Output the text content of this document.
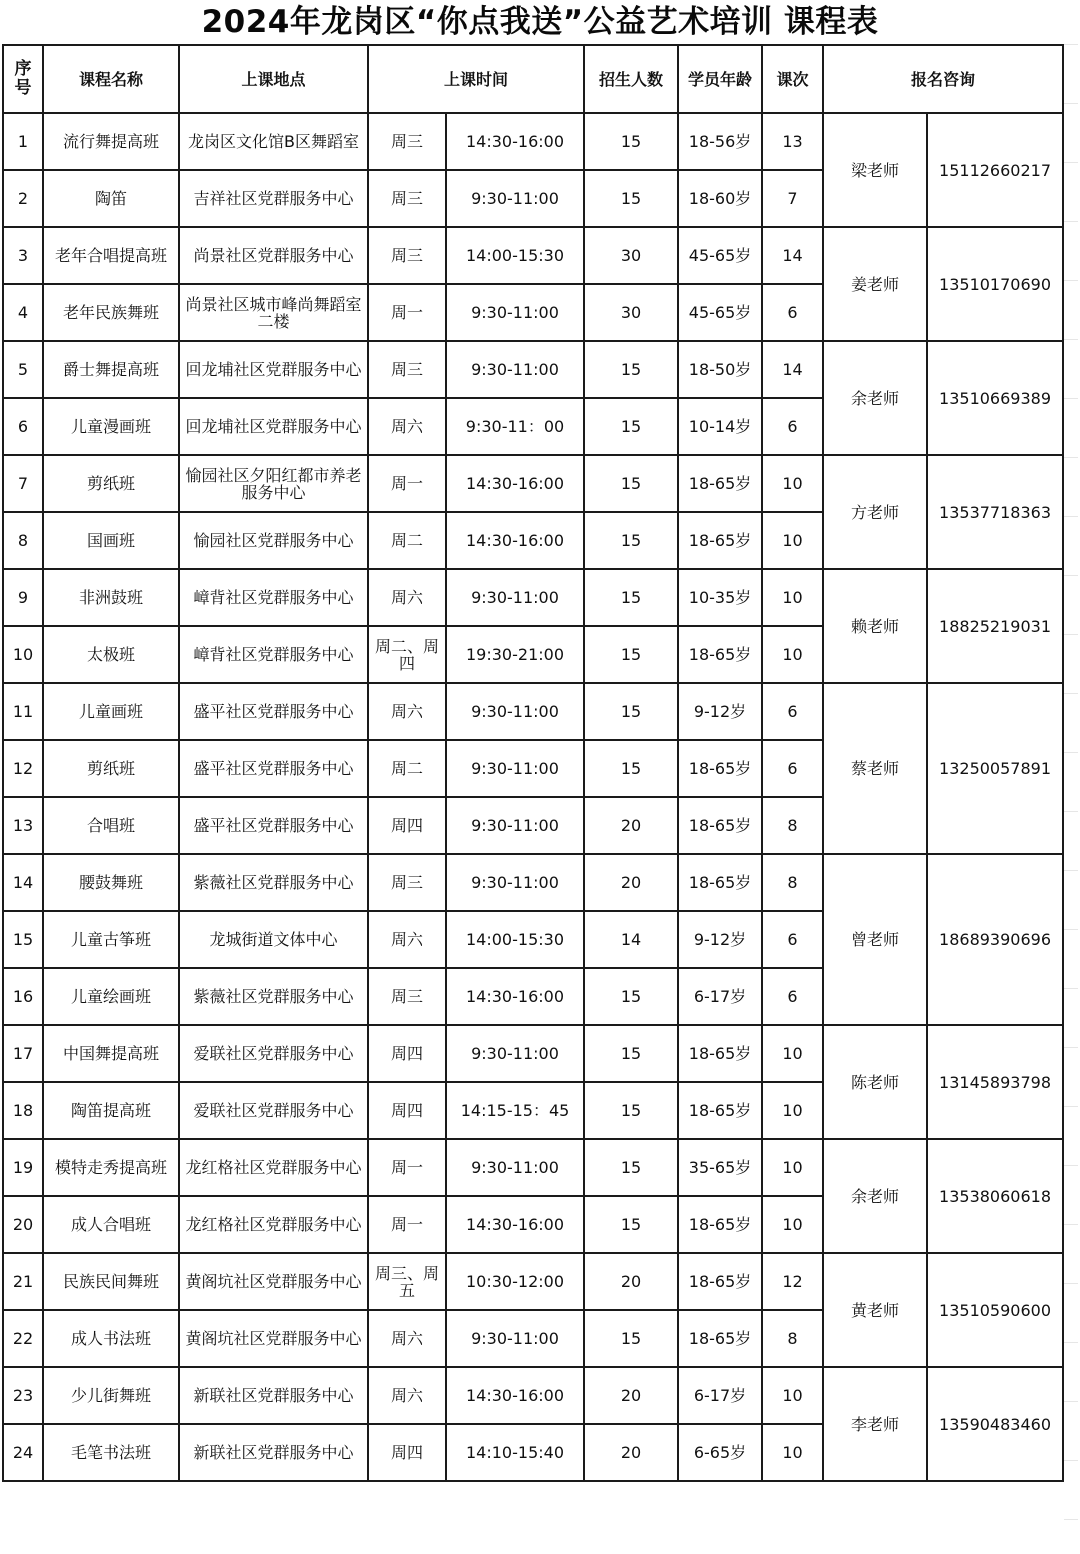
2024年龙岗区“你点我送”公益艺术培训 课程表
序号	课程名称	上课地点	上课时间		招生人数	学员年龄	课次	报名咨询	
1	流行舞提高班	龙岗区文化馆B区舞蹈室	周三	14:30-16:00	15	18-56岁	13	梁老师	15112660217
2	陶笛	吉祥社区党群服务中心	周三	9:30-11:00	15	18-60岁	7		
3	老年合唱提高班	尚景社区党群服务中心	周三	14:00-15:30	30	45-65岁	14	姜老师	13510170690
4	老年民族舞班	尚景社区城市峰尚舞蹈室二楼	周一	9:30-11:00	30	45-65岁	6		
5	爵士舞提高班	回龙埔社区党群服务中心	周三	9:30-11:00	15	18-50岁	14	余老师	13510669389
6	儿童漫画班	回龙埔社区党群服务中心	周六	9:30-11：00	15	10-14岁	6		
7	剪纸班	愉园社区夕阳红都市养老服务中心	周一	14:30-16:00	15	18-65岁	10	方老师	13537718363
8	国画班	愉园社区党群服务中心	周二	14:30-16:00	15	18-65岁	10		
9	非洲鼓班	嶂背社区党群服务中心	周六	9:30-11:00	15	10-35岁	10	赖老师	18825219031
10	太极班	嶂背社区党群服务中心	周二、周四	19:30-21:00	15	18-65岁	10		
11	儿童画班	盛平社区党群服务中心	周六	9:30-11:00	15	9-12岁	6	蔡老师	13250057891
12	剪纸班	盛平社区党群服务中心	周二	9:30-11:00	15	18-65岁	6		
13	合唱班	盛平社区党群服务中心	周四	9:30-11:00	20	18-65岁	8		
14	腰鼓舞班	紫薇社区党群服务中心	周三	9:30-11:00	20	18-65岁	8	曾老师	18689390696
15	儿童古筝班	龙城街道文体中心	周六	14:00-15:30	14	9-12岁	6		
16	儿童绘画班	紫薇社区党群服务中心	周三	14:30-16:00	15	6-17岁	6		
17	中国舞提高班	爱联社区党群服务中心	周四	9:30-11:00	15	18-65岁	10	陈老师	13145893798
18	陶笛提高班	爱联社区党群服务中心	周四	14:15-15：45	15	18-65岁	10		
19	模特走秀提高班	龙红格社区党群服务中心	周一	9:30-11:00	15	35-65岁	10	余老师	13538060618
20	成人合唱班	龙红格社区党群服务中心	周一	14:30-16:00	15	18-65岁	10		
21	民族民间舞班	黄阁坑社区党群服务中心	周三、周五	10:30-12:00	20	18-65岁	12	黄老师	13510590600
22	成人书法班	黄阁坑社区党群服务中心	周六	9:30-11:00	15	18-65岁	8		
23	少儿街舞班	新联社区党群服务中心	周六	14:30-16:00	20	6-17岁	10	李老师	13590483460
24	毛笔书法班	新联社区党群服务中心	周四	14:10-15:40	20	6-65岁	10		
